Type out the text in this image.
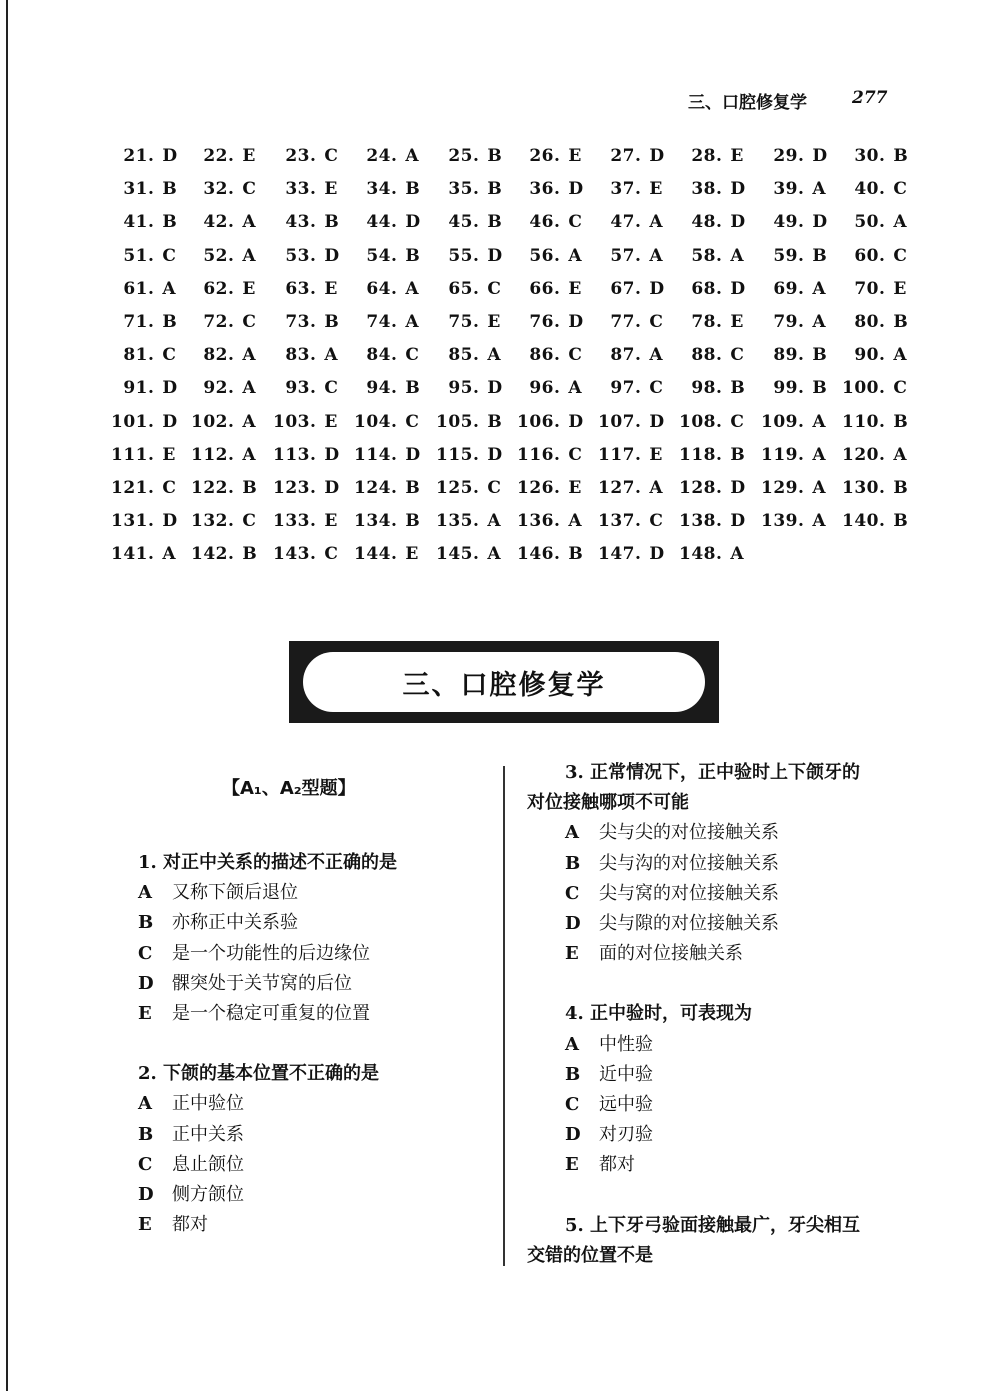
三、口腔修复学	277
21. D	22. E	23. C	24. A	25. B	26. E	27. D	28. E	29. D	30. B
31. B	32. C	33. E	34. B	35. B	36. D	37. E	38. D	39. A	40. C
41. B	42. A	43. B	44. D	45. B	46. C	47. A	48. D	49. D	50. A
51. C	52. A	53. D	54. B	55. D	56. A	57. A	58. A	59. B	60. C
61. A	62. E	63. E	64. A	65. C	66. E	67. D	68. D	69. A	70. E
71. B	72. C	73. B	74. A	75. E	76. D	77. C	78. E	79. A	80. B
81. C	82. A	83. A	84. C	85. A	86. C	87. A	88. C	89. B	90. A
91. D	92. A	93. C	94. B	95. D	96. A	97. C	98. B	99. B 100. C
101. D 102. A 103. E 104. C 105. B 106. D 107. D 108. C 109. A 110. B
111. E 112. A 113. D 114. D 115. D 116. C 117. E 118. B 119. A 120. A
121. C 122. B 123. D 124. B 125. C 126. E 127. A 128. D 129. A 130. B
131. D 132. C 133. E 134. B 135. A 136. A 137. C 138. D 139. A 140. B
141. A 142. B 143. C 144. E	145. A 146. B 147. D 148. A
三、口腔修复学
【A₁、A₂型题】
1. 对正中关系的描述不正确的是
A 又称下颌后退位
B 亦称正中关系验
C 是一个功能性的后边缘位
D 髁突处于关节窝的后位
E 是一个稳定可重复的位置
2. 下颌的基本位置不正确的是
A 正中验位
B 正中关系
C 息止颌位
D 侧方颌位
E 都对
3. 正常情况下，正中验时上下颌牙的
对位接触哪项不可能
A 尖与尖的对位接触关系
B 尖与沟的对位接触关系
C 尖与窝的对位接触关系
D 尖与隙的对位接触关系
E 面的对位接触关系
4. 正中验时，可表现为
A 中性验
B 近中验
C 远中验
D 对刃验
E 都对
5. 上下牙弓验面接触最广，牙尖相互
交错的位置不是
